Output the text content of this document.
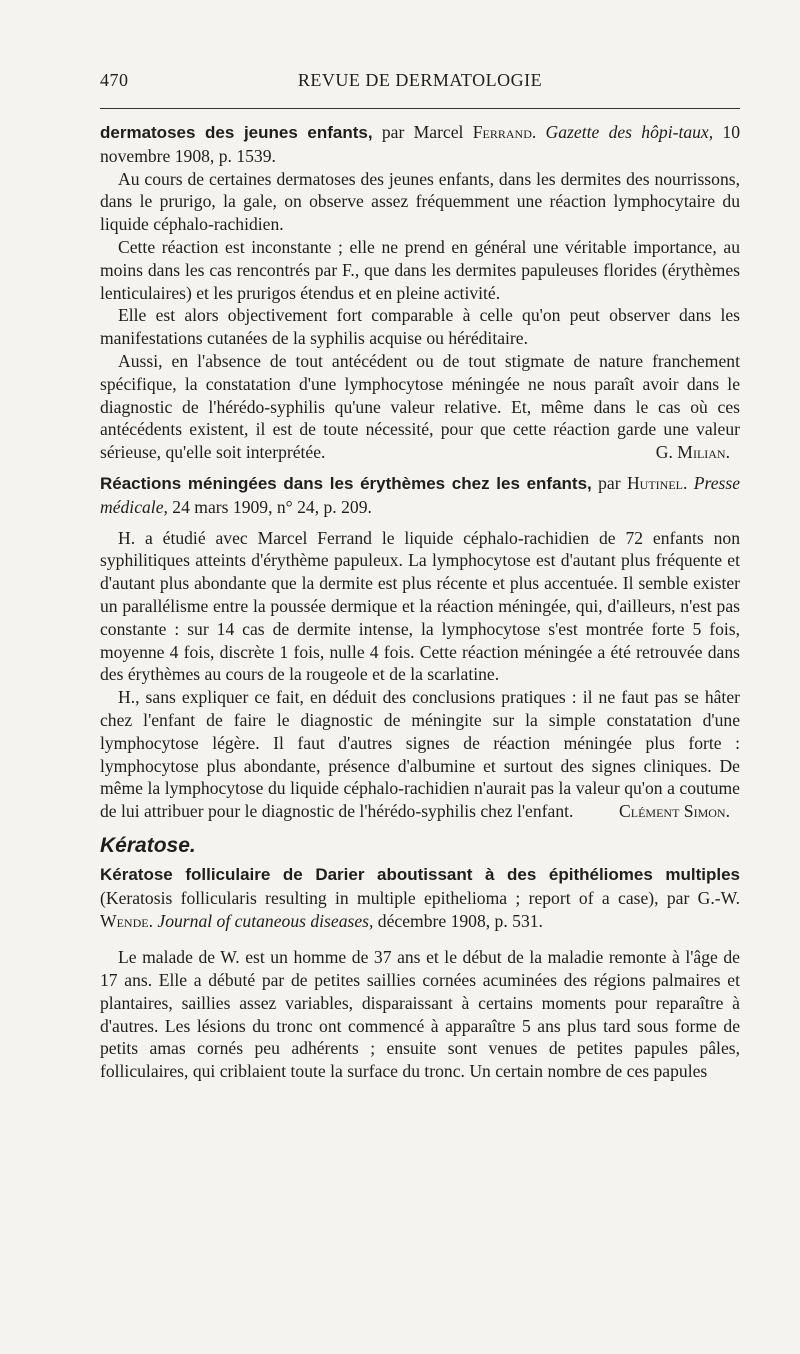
470	REVUE DE DERMATOLOGIE

dermatoses des jeunes enfants, par Marcel Ferrand. Gazette des hôpi-taux, 10 novembre 1908, p. 1539.

Au cours de certaines dermatoses des jeunes enfants, dans les dermites des nourrissons, dans le prurigo, la gale, on observe assez fréquemment une réaction lymphocytaire du liquide céphalo-rachidien.

Cette réaction est inconstante ; elle ne prend en général une véritable importance, au moins dans les cas rencontrés par F., que dans les dermites papuleuses florides (érythèmes lenticulaires) et les prurigos étendus et en pleine activité.

Elle est alors objectivement fort comparable à celle qu'on peut observer dans les manifestations cutanées de la syphilis acquise ou héréditaire.

Aussi, en l'absence de tout antécédent ou de tout stigmate de nature franchement spécifique, la constatation d'une lymphocytose méningée ne nous paraît avoir dans le diagnostic de l'hérédo-syphilis qu'une valeur relative. Et, même dans le cas où ces antécédents existent, il est de toute nécessité, pour que cette réaction garde une valeur sérieuse, qu'elle soit interprétée.	G. Milian.

Réactions méningées dans les érythèmes chez les enfants, par Hutinel. Presse médicale, 24 mars 1909, n° 24, p. 209.

H. a étudié avec Marcel Ferrand le liquide céphalo-rachidien de 72 enfants non syphilitiques atteints d'érythème papuleux. La lymphocytose est d'autant plus fréquente et d'autant plus abondante que la dermite est plus récente et plus accentuée. Il semble exister un parallélisme entre la poussée dermique et la réaction méningée, qui, d'ailleurs, n'est pas constante : sur 14 cas de dermite intense, la lymphocytose s'est montrée forte 5 fois, moyenne 4 fois, discrète 1 fois, nulle 4 fois. Cette réaction méningée a été retrouvée dans des érythèmes au cours de la rougeole et de la scarlatine.

H., sans expliquer ce fait, en déduit des conclusions pratiques : il ne faut pas se hâter chez l'enfant de faire le diagnostic de méningite sur la simple constatation d'une lymphocytose légère. Il faut d'autres signes de réaction méningée plus forte : lymphocytose plus abondante, présence d'albumine et surtout des signes cliniques. De même la lymphocytose du liquide céphalo-rachidien n'aurait pas la valeur qu'on a coutume de lui attribuer pour le diagnostic de l'hérédo-syphilis chez l'enfant.	Clément Simon.

Kératose.

Kératose folliculaire de Darier aboutissant à des épithéliomes multiples (Keratosis follicularis resulting in multiple epithelioma ; report of a case), par G.-W. Wende. Journal of cutaneous diseases, décembre 1908, p. 531.

Le malade de W. est un homme de 37 ans et le début de la maladie remonte à l'âge de 17 ans. Elle a débuté par de petites saillies cornées acuminées des régions palmaires et plantaires, saillies assez variables, disparaissant à certains moments pour reparaître à d'autres. Les lésions du tronc ont commencé à apparaître 5 ans plus tard sous forme de petits amas cornés peu adhérents ; ensuite sont venues de petites papules pâles, folliculaires, qui criblaient toute la surface du tronc. Un certain nombre de ces papules
